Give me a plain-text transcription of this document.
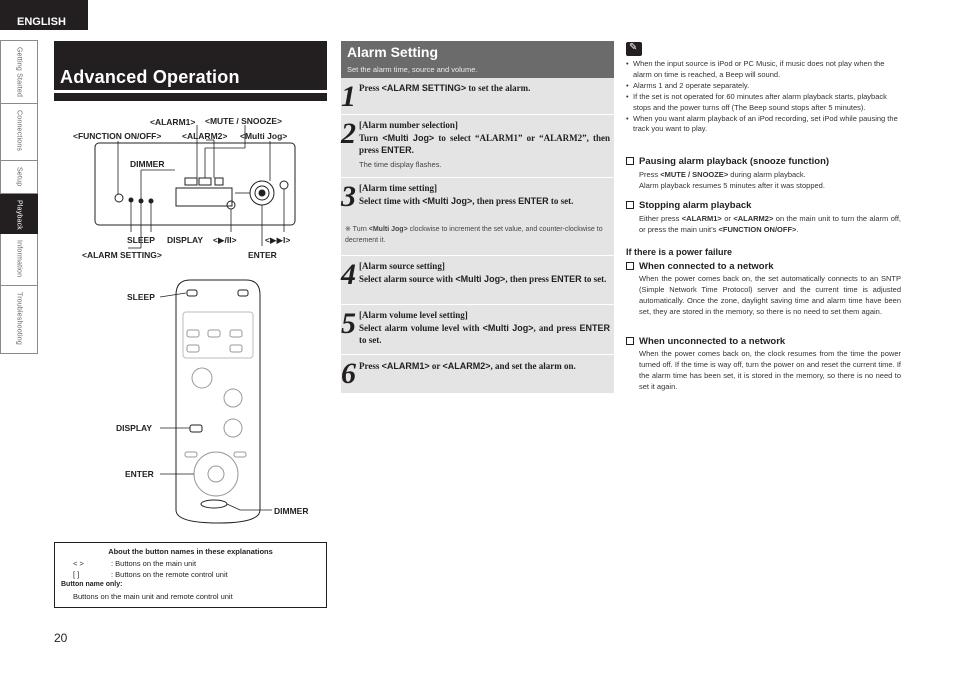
ENGLISH
Getting Started
Connections
Setup
Playback
Information
Troubleshooting
Advanced Operation
<ALARM1> <MUTE / SNOOZE>
<FUNCTION ON/OFF> <ALARM2> <Multi Jog>
DIMMER
SLEEP DISPLAY <▶/II>	<▶▶I>
<ALARM SETTING>	ENTER
SLEEP
DISPLAY
ENTER
DIMMER
About the button names in these explanations
< >	: Buttons on the main unit
[ ]	: Buttons on the remote control unit
Button name only:
Buttons on the main unit and remote control unit
20
Alarm Setting

Set the alarm time, source and volume.

1 Press <ALARM SETTING> to set the alarm.
2 [Alarm number selection]
Turn <Multi Jog> to select “ALARM1” or “ALARM2”, then press ENTER.
The time display flashes.
3 [Alarm time setting]
Select time with <Multi Jog>, then press ENTER to set.
※ Turn <Multi Jog> clockwise to increment the set value, and counter-clockwise to decrement it.
4 [Alarm source setting]
Select alarm source with <Multi Jog>, then press ENTER to set.
5 [Alarm volume level setting]
Select alarm volume level with <Multi Jog>, and press ENTER to set.
6 Press <ALARM1> or <ALARM2>, and set the alarm on.
✎
• When the input source is iPod or PC Music, if music does not play when the alarm on time is reached, a Beep will sound.
• Alarms 1 and 2 operate separately.
• If the set is not operated for 60 minutes after alarm playback starts, playback stops and the power turns off (The Beep sound stops after 5 minutes).
• When you want alarm playback of an iPod recording, set iPod while pausing the track you want to play.
Pausing alarm playback (snooze function)
Press <MUTE / SNOOZE> during alarm playback.
Alarm playback resumes 5 minutes after it was stopped.
Stopping alarm playback
Either press <ALARM1> or <ALARM2> on the main unit to turn the alarm off, or press the main unit’s <FUNCTION ON/OFF>.
If there is a power failure
When connected to a network
When the power comes back on, the set automatically connects to an SNTP (Simple Network Time Protocol) server and the current time is adjusted automatically. Once the zone, daylight saving time and alarm time have been set, they are stored in the memory, so there is no need to set them again.
When unconnected to a network
When the power comes back on, the clock resumes from the time the power turned off. If the time is way off, turn the power on and reset the current time. If the alarm time has been set, it is stored in the memory, so there is no need to set it again.
